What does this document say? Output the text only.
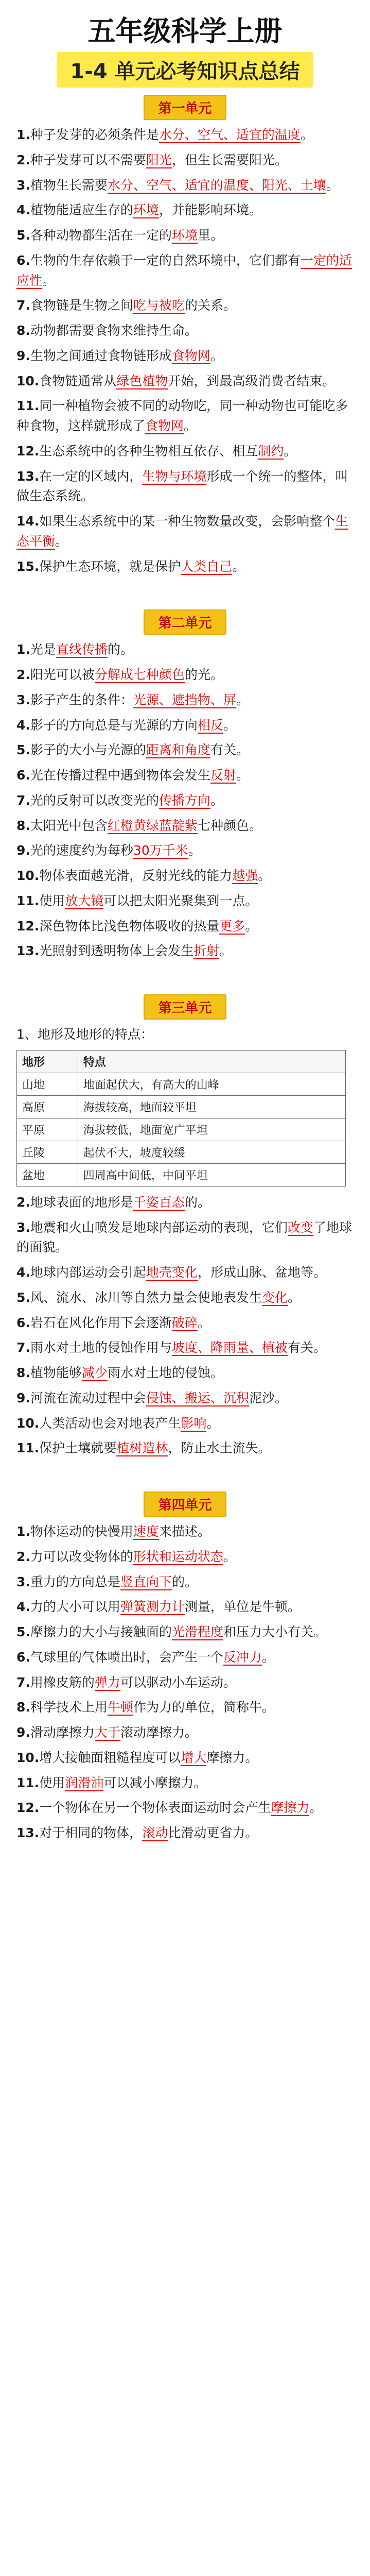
五年级科学上册
1-4 单元必考知识点总结
第一单元
1.种子发芽的必须条件是水分、空气、适宜的温度。
2.种子发芽可以不需要阳光，但生长需要阳光。
3.植物生长需要水分、空气、适宜的温度、阳光、土壤。
4.植物能适应生存的环境，并能影响环境。
5.各种动物都生活在一定的环境里。
6.生物的生存依赖于一定的自然环境中，它们都有一定的适应性。
7.食物链是生物之间吃与被吃的关系。
8.动物都需要食物来维持生命。
9.生物之间通过食物链形成食物网。
10.食物链通常从绿色植物开始，到最高级消费者结束。
11.同一种植物会被不同的动物吃，同一种动物也可能吃多种食物，这样就形成了食物网。
12.生态系统中的各种生物相互依存、相互制约。
13.在一定的区域内，生物与环境形成一个统一的整体，叫做生态系统。
14.如果生态系统中的某一种生物数量改变，会影响整个生态平衡。
15.保护生态环境，就是保护人类自己。
第二单元
1.光是直线传播的。
2.阳光可以被分解成七种颜色的光。
3.影子产生的条件：光源、遮挡物、屏。
4.影子的方向总是与光源的方向相反。
5.影子的大小与光源的距离和角度有关。
6.光在传播过程中遇到物体会发生反射。
7.光的反射可以改变光的传播方向。
8.太阳光中包含红橙黄绿蓝靛紫七种颜色。
9.光的速度约为每秒30万千米。
10.物体表面越光滑，反射光线的能力越强。
11.使用放大镜可以把太阳光聚集到一点。
12.深色物体比浅色物体吸收的热量更多。
13.光照射到透明物体上会发生折射。
第三单元
1、地形及地形的特点：
地形	特点
山地	地面起伏大，有高大的山峰
高原	海拔较高，地面较平坦
平原	海拔较低，地面宽广平坦
丘陵	起伏不大，坡度较缓
盆地	四周高中间低，中间平坦
2.地球表面的地形是千姿百态的。
3.地震和火山喷发是地球内部运动的表现，它们改变了地球的面貌。
4.地球内部运动会引起地壳变化，形成山脉、盆地等。
5.风、流水、冰川等自然力量会使地表发生变化。
6.岩石在风化作用下会逐渐破碎。
7.雨水对土地的侵蚀作用与坡度、降雨量、植被有关。
8.植物能够减少雨水对土地的侵蚀。
9.河流在流动过程中会侵蚀、搬运、沉积泥沙。
10.人类活动也会对地表产生影响。
11.保护土壤就要植树造林，防止水土流失。
第四单元
1.物体运动的快慢用速度来描述。
2.力可以改变物体的形状和运动状态。
3.重力的方向总是竖直向下的。
4.力的大小可以用弹簧测力计测量，单位是牛顿。
5.摩擦力的大小与接触面的光滑程度和压力大小有关。
6.气球里的气体喷出时，会产生一个反冲力。
7.用橡皮筋的弹力可以驱动小车运动。
8.科学技术上用牛顿作为力的单位，简称牛。
9.滑动摩擦力大于滚动摩擦力。
10.增大接触面粗糙程度可以增大摩擦力。
11.使用润滑油可以减小摩擦力。
12.一个物体在另一个物体表面运动时会产生摩擦力。
13.对于相同的物体，滚动比滑动更省力。
